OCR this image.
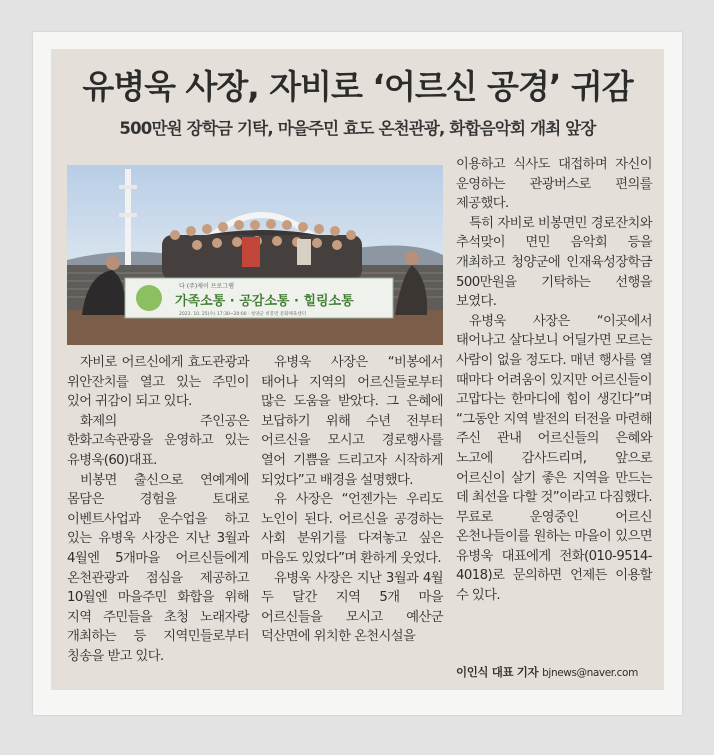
유병욱 사장, 자비로 ‘어르신 공경’ 귀감
500만원 장학금 기탁, 마을주민 효도 온천관광, 화합음악회 개최 앞장
다 (주)제이 프로그램
가족소통 · 공감소통 · 힐링소통
2023. 10. 25(수) 17:30~20:00 · 청양군 비봉면 문화체육센터

자비로 어르신에게 효도관광과 위안잔치를 열고 있는 주민이 있어 귀감이 되고 있다.

화제의 주인공은 한화고속관광을 운영하고 있는 유병욱(60)대표.

비봉면 출신으로 연예계에 몸담은 경험을 토대로 이벤트사업과 운수업을 하고 있는 유병욱 사장은 지난 3월과 4월엔 5개마을 어르신들에게 온천관광과 점심을 제공하고 10월엔 마을주민 화합을 위해 지역 주민들을 초청 노래자랑 개최하는 등 지역민들로부터 칭송을 받고 있다.

유병욱 사장은 “비봉에서 태어나 지역의 어르신들로부터 많은 도움을 받았다. 그 은혜에 보답하기 위해 수년 전부터 어르신을 모시고 경로행사를 열어 기쁨을 드리고자 시작하게 되었다”고 배경을 설명했다.

유 사장은 “언젠가는 우리도 노인이 된다. 어르신을 공경하는 사회 분위기를 다져놓고 싶은 마음도 있었다”며 환하게 웃었다.

유병욱 사장은 지난 3월과 4월 두 달간 지역 5개 마을 어르신들을 모시고 예산군 덕산면에 위치한 온천시설을

이용하고 식사도 대접하며 자신이 운영하는 관광버스로 편의를 제공했다.

특히 자비로 비봉면민 경로잔치와 추석맞이 면민 음악회 등을 개최하고 청양군에 인재육성장학금 500만원을 기탁하는 선행을 보였다.

유병욱 사장은 “이곳에서 태어나고 살다보니 어딜가면 모르는 사람이 없을 정도다. 매년 행사를 열 때마다 어려움이 있지만 어르신들이 고맙다는 한마디에 힘이 생긴다”며 “그동안 지역 발전의 터전을 마련해 주신 관내 어르신들의 은혜와 노고에 감사드리며, 앞으로 어르신이 살기 좋은 지역을 만드는 데 최선을 다할 것”이라고 다짐했다. 무료로 운영중인 어르신 온천나들이를 원하는 마을이 있으면 유병욱 대표에게 전화(010-9514-4018)로 문의하면 언제든 이용할 수 있다.

이인식 대표 기자 bjnews@naver.com
